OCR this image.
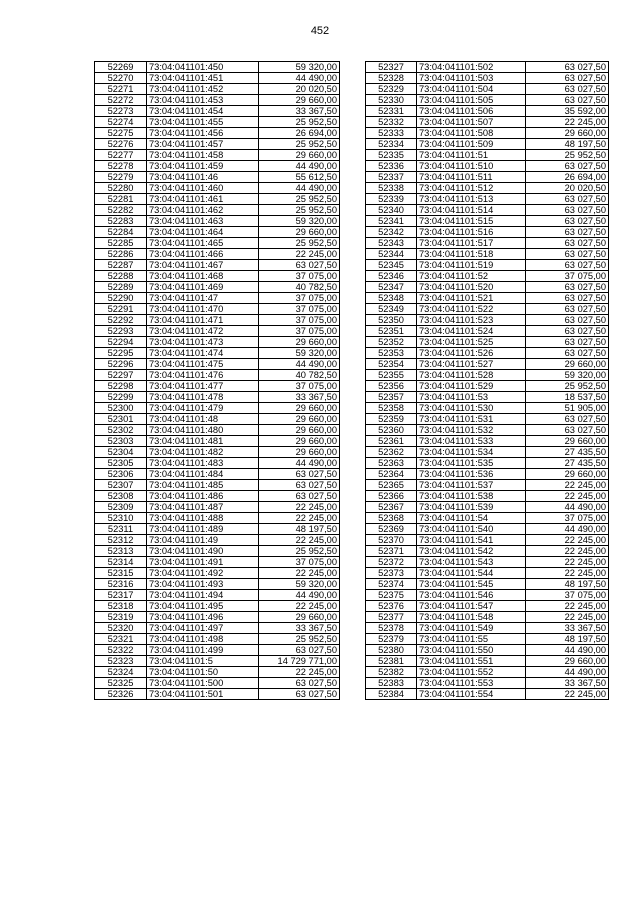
452
52269	73:04:041101:450	59 320,00
52270	73:04:041101:451	44 490,00
52271	73:04:041101:452	20 020,50
52272	73:04:041101:453	29 660,00
52273	73:04:041101:454	33 367,50
52274	73:04:041101:455	25 952,50
52275	73:04:041101:456	26 694,00
52276	73:04:041101:457	25 952,50
52277	73:04:041101:458	29 660,00
52278	73:04:041101:459	44 490,00
52279	73:04:041101:46	55 612,50
52280	73:04:041101:460	44 490,00
52281	73:04:041101:461	25 952,50
52282	73:04:041101:462	25 952,50
52283	73:04:041101:463	59 320,00
52284	73:04:041101:464	29 660,00
52285	73:04:041101:465	25 952,50
52286	73:04:041101:466	22 245,00
52287	73:04:041101:467	63 027,50
52288	73:04:041101:468	37 075,00
52289	73:04:041101:469	40 782,50
52290	73:04:041101:47	37 075,00
52291	73:04:041101:470	37 075,00
52292	73:04:041101:471	37 075,00
52293	73:04:041101:472	37 075,00
52294	73:04:041101:473	29 660,00
52295	73:04:041101:474	59 320,00
52296	73:04:041101:475	44 490,00
52297	73:04:041101:476	40 782,50
52298	73:04:041101:477	37 075,00
52299	73:04:041101:478	33 367,50
52300	73:04:041101:479	29 660,00
52301	73:04:041101:48	29 660,00
52302	73:04:041101:480	29 660,00
52303	73:04:041101:481	29 660,00
52304	73:04:041101:482	29 660,00
52305	73:04:041101:483	44 490,00
52306	73:04:041101:484	63 027,50
52307	73:04:041101:485	63 027,50
52308	73:04:041101:486	63 027,50
52309	73:04:041101:487	22 245,00
52310	73:04:041101:488	22 245,00
52311	73:04:041101:489	48 197,50
52312	73:04:041101:49	22 245,00
52313	73:04:041101:490	25 952,50
52314	73:04:041101:491	37 075,00
52315	73:04:041101:492	22 245,00
52316	73:04:041101:493	59 320,00
52317	73:04:041101:494	44 490,00
52318	73:04:041101:495	22 245,00
52319	73:04:041101:496	29 660,00
52320	73:04:041101:497	33 367,50
52321	73:04:041101:498	25 952,50
52322	73:04:041101:499	63 027,50
52323	73:04:041101:5	14 729 771,00
52324	73:04:041101:50	22 245,00
52325	73:04:041101:500	63 027,50
52326	73:04:041101:501	63 027,50
52327	73:04:041101:502	63 027,50
52328	73:04:041101:503	63 027,50
52329	73:04:041101:504	63 027,50
52330	73:04:041101:505	63 027,50
52331	73:04:041101:506	35 592,00
52332	73:04:041101:507	22 245,00
52333	73:04:041101:508	29 660,00
52334	73:04:041101:509	48 197,50
52335	73:04:041101:51	25 952,50
52336	73:04:041101:510	63 027,50
52337	73:04:041101:511	26 694,00
52338	73:04:041101:512	20 020,50
52339	73:04:041101:513	63 027,50
52340	73:04:041101:514	63 027,50
52341	73:04:041101:515	63 027,50
52342	73:04:041101:516	63 027,50
52343	73:04:041101:517	63 027,50
52344	73:04:041101:518	63 027,50
52345	73:04:041101:519	63 027,50
52346	73:04:041101:52	37 075,00
52347	73:04:041101:520	63 027,50
52348	73:04:041101:521	63 027,50
52349	73:04:041101:522	63 027,50
52350	73:04:041101:523	63 027,50
52351	73:04:041101:524	63 027,50
52352	73:04:041101:525	63 027,50
52353	73:04:041101:526	63 027,50
52354	73:04:041101:527	29 660,00
52355	73:04:041101:528	59 320,00
52356	73:04:041101:529	25 952,50
52357	73:04:041101:53	18 537,50
52358	73:04:041101:530	51 905,00
52359	73:04:041101:531	63 027,50
52360	73:04:041101:532	63 027,50
52361	73:04:041101:533	29 660,00
52362	73:04:041101:534	27 435,50
52363	73:04:041101:535	27 435,50
52364	73:04:041101:536	29 660,00
52365	73:04:041101:537	22 245,00
52366	73:04:041101:538	22 245,00
52367	73:04:041101:539	44 490,00
52368	73:04:041101:54	37 075,00
52369	73:04:041101:540	44 490,00
52370	73:04:041101:541	22 245,00
52371	73:04:041101:542	22 245,00
52372	73:04:041101:543	22 245,00
52373	73:04:041101:544	22 245,00
52374	73:04:041101:545	48 197,50
52375	73:04:041101:546	37 075,00
52376	73:04:041101:547	22 245,00
52377	73:04:041101:548	22 245,00
52378	73:04:041101:549	33 367,50
52379	73:04:041101:55	48 197,50
52380	73:04:041101:550	44 490,00
52381	73:04:041101:551	29 660,00
52382	73:04:041101:552	44 490,00
52383	73:04:041101:553	33 367,50
52384	73:04:041101:554	22 245,00
